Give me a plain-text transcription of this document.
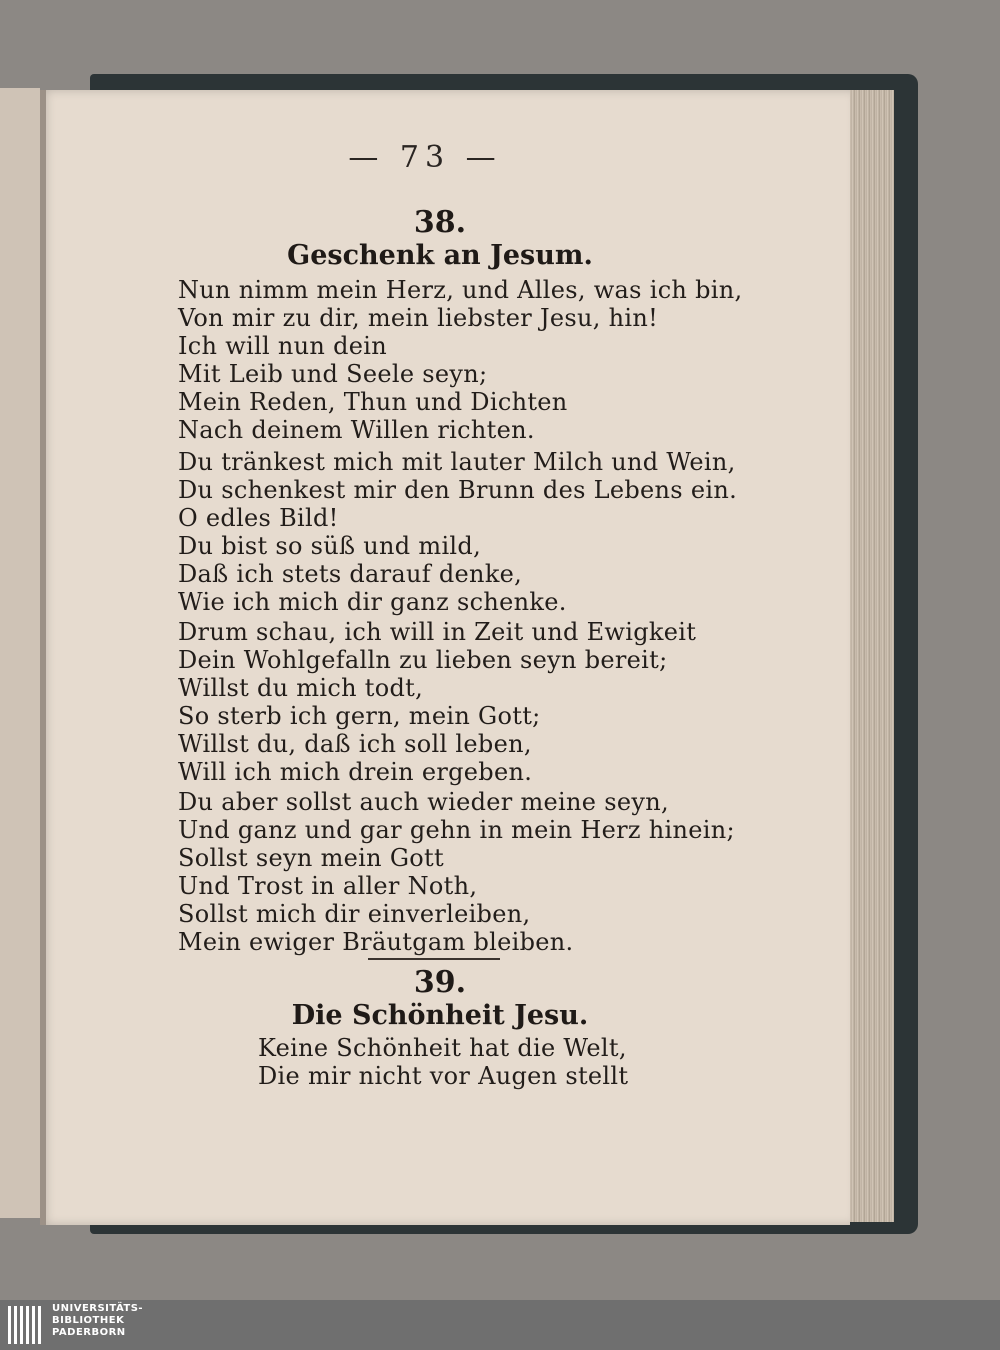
— 73 —
38.
Geschenk an Jesum.
Nun nimm mein Herz, und Alles, was ich bin,
Von mir zu dir, mein liebster Jesu, hin!
Ich will nun dein
Mit Leib und Seele seyn;
Mein Reden, Thun und Dichten
Nach deinem Willen richten.
Du tränkest mich mit lauter Milch und Wein,
Du schenkest mir den Brunn des Lebens ein.
O edles Bild!
Du bist so süß und mild,
Daß ich stets darauf denke,
Wie ich mich dir ganz schenke.
Drum schau, ich will in Zeit und Ewigkeit
Dein Wohlgefalln zu lieben seyn bereit;
Willst du mich todt,
So sterb ich gern, mein Gott;
Willst du, daß ich soll leben,
Will ich mich drein ergeben.
Du aber sollst auch wieder meine seyn,
Und ganz und gar gehn in mein Herz hinein;
Sollst seyn mein Gott
Und Trost in aller Noth,
Sollst mich dir einverleiben,
Mein ewiger Bräutgam bleiben.
39.
Die Schönheit Jesu.
Keine Schönheit hat die Welt,
Die mir nicht vor Augen stellt
UNIVERSITÄTS-
BIBLIOTHEK
PADERBORN
